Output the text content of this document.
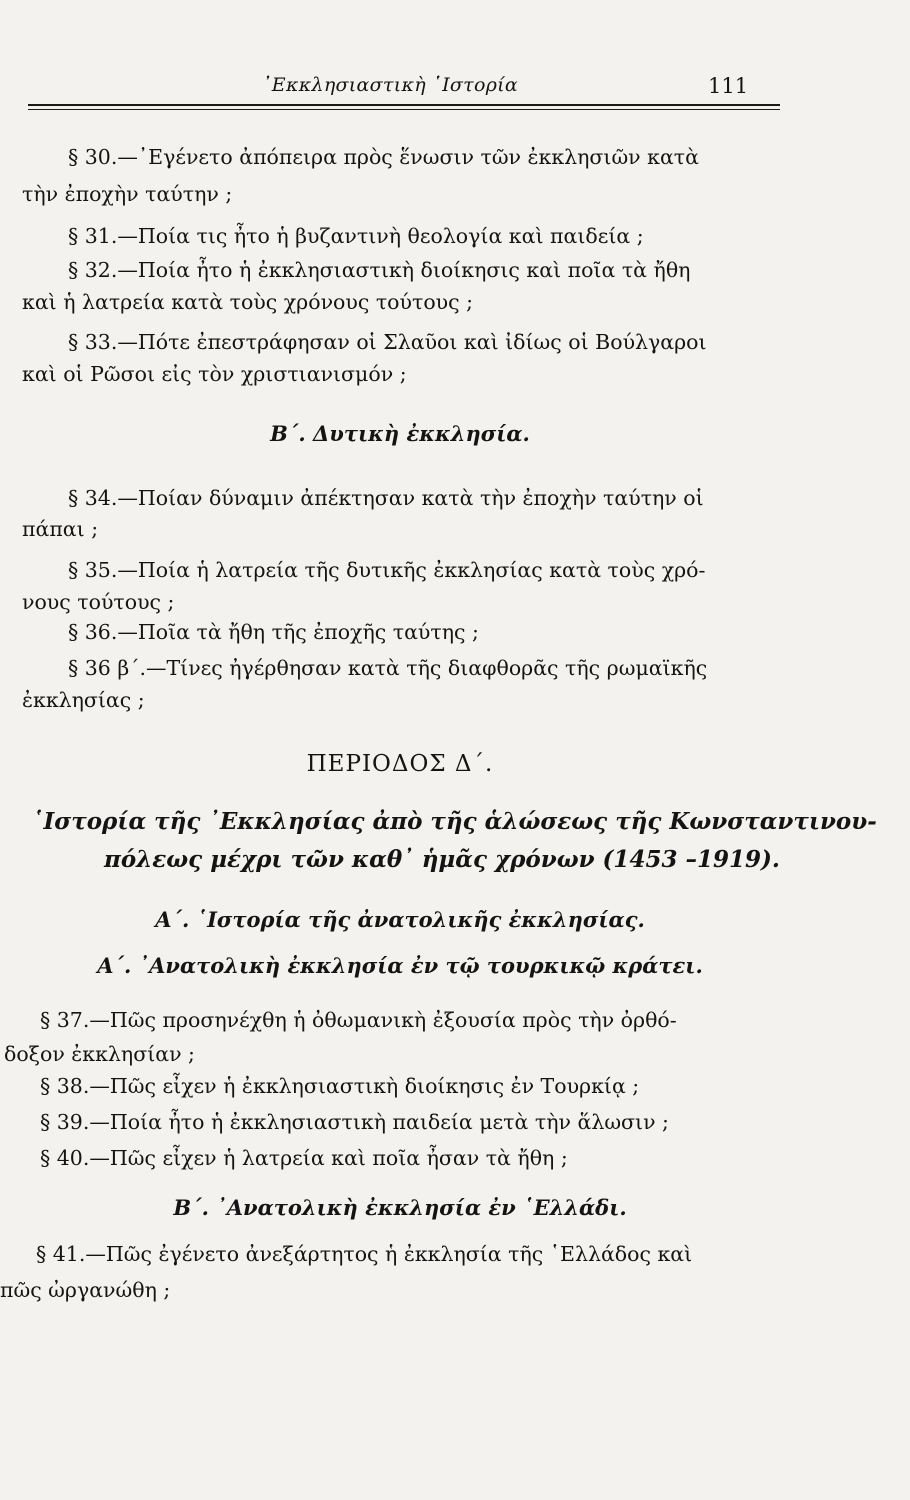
᾿Εκκλησιαστικὴ ῾Ιστορία	111
§ 30.—᾿Εγένετο ἀπόπειρα πρὸς ἕνωσιν τῶν ἐκκλησιῶν κατὰ
τὴν ἐποχὴν ταύτην ;
§ 31.—Ποία τις ἦτο ἡ βυζαντινὴ θεολογία καὶ παιδεία ;
§ 32.—Ποία ἦτο ἡ ἐκκλησιαστικὴ διοίκησις καὶ ποῖα τὰ ἤθη
καὶ ἡ λατρεία κατὰ τοὺς χρόνους τούτους ;
§ 33.—Πότε ἐπεστράφησαν οἱ Σλαῦοι καὶ ἰδίως οἱ Βούλγαροι
καὶ οἱ Ρῶσοι εἰς τὸν χριστιανισμόν ;
Β΄. Δυτικὴ ἐκκλησία.
§ 34.—Ποίαν δύναμιν ἀπέκτησαν κατὰ τὴν ἐποχὴν ταύτην οἱ
πάπαι ;
§ 35.—Ποία ἡ λατρεία τῆς δυτικῆς ἐκκλησίας κατὰ τοὺς χρό-
νους τούτους ;
§ 36.—Ποῖα τὰ ἤθη τῆς ἐποχῆς ταύτης ;
§ 36 β΄.—Τίνες ἠγέρθησαν κατὰ τῆς διαφθορᾶς τῆς ρωμαϊκῆς
ἐκκλησίας ;
ΠΕΡΙΟΔΟΣ Δ΄.
῾Ιστορία τῆς ᾿Εκκλησίας ἀπὸ τῆς ἁλώσεως τῆς Κωνσταντινου-
πόλεως μέχρι τῶν καθ᾿ ἡμᾶς χρόνων (1453 –1919).
Α΄. ῾Ιστορία τῆς ἀνατολικῆς ἐκκλησίας.
Α΄. ᾿Ανατολικὴ ἐκκλησία ἐν τῷ τουρκικῷ κράτει.
§ 37.—Πῶς προσηνέχθη ἡ ὀθωμανικὴ ἐξουσία πρὸς τὴν ὀρθό-
δοξον ἐκκλησίαν ;
§ 38.—Πῶς εἶχεν ἡ ἐκκλησιαστικὴ διοίκησις ἐν Τουρκίᾳ ;
§ 39.—Ποία ἦτο ἡ ἐκκλησιαστικὴ παιδεία μετὰ τὴν ἅλωσιν ;
§ 40.—Πῶς εἶχεν ἡ λατρεία καὶ ποῖα ἦσαν τὰ ἤθη ;
Β΄. ᾿Ανατολικὴ ἐκκλησία ἐν ῾Ελλάδι.
§ 41.—Πῶς ἐγένετο ἀνεξάρτητος ἡ ἐκκλησία τῆς ῾Ελλάδος καὶ
πῶς ὠργανώθη ;
